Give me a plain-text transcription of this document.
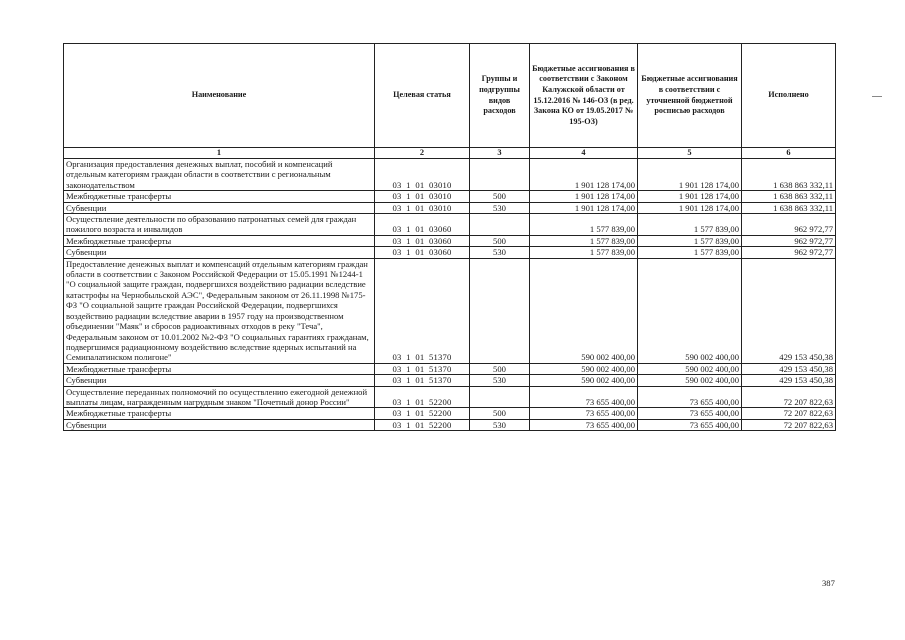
Наименование	Целевая статья	Группы и подгруппы видов расходов	Бюджетные ассигнования в соответствии с Законом Калужской области от 15.12.2016 № 146-ОЗ (в ред. Закона КО от 19.05.2017 № 195-ОЗ)	Бюджетные ассигнования в соответствии с уточненной бюджетной росписью расходов	Исполнено
1	2	3	4	5	6
Организация предоставления денежных выплат, пособий и компенсаций отдельным категориям граждан области в соответствии с региональным законодательством	03  1  01  03010		1 901 128 174,00	1 901 128 174,00	1 638 863 332,11
Межбюджетные трансферты	03  1  01  03010	500	1 901 128 174,00	1 901 128 174,00	1 638 863 332,11
Субвенции	03  1  01  03010	530	1 901 128 174,00	1 901 128 174,00	1 638 863 332,11
Осуществление деятельности по образованию патронатных семей для граждан пожилого возраста и инвалидов	03  1  01  03060		1 577 839,00	1 577 839,00	962 972,77
Межбюджетные трансферты	03  1  01  03060	500	1 577 839,00	1 577 839,00	962 972,77
Субвенции	03  1  01  03060	530	1 577 839,00	1 577 839,00	962 972,77
Предоставление денежных выплат и компенсаций отдельным категориям граждан области в соответствии с Законом Российской Федерации от 15.05.1991 №1244-1 "О социальной защите граждан, подвергшихся воздействию радиации вследствие катастрофы на Чернобыльской АЭС", Федеральным законом от 26.11.1998 №175-ФЗ "О социальной защите граждан Российской Федерации, подвергшихся воздействию радиации вследствие аварии в 1957 году на производственном объединении "Маяк" и сбросов радиоактивных отходов в реку "Теча", Федеральным законом от 10.01.2002 №2-ФЗ "О социальных гарантиях гражданам, подвергшимся радиационному воздействию вследствие ядерных испытаний на Семипалатинском полигоне"	03  1  01  51370		590 002 400,00	590 002 400,00	429 153 450,38
Межбюджетные трансферты	03  1  01  51370	500	590 002 400,00	590 002 400,00	429 153 450,38
Субвенции	03  1  01  51370	530	590 002 400,00	590 002 400,00	429 153 450,38
Осуществление переданных полномочий по осуществлению ежегодной денежной выплаты лицам, награжденным нагрудным знаком "Почетный донор России"	03  1  01  52200		73 655 400,00	73 655 400,00	72 207 822,63
Межбюджетные трансферты	03  1  01  52200	500	73 655 400,00	73 655 400,00	72 207 822,63
Субвенции	03  1  01  52200	530	73 655 400,00	73 655 400,00	72 207 822,63
387
